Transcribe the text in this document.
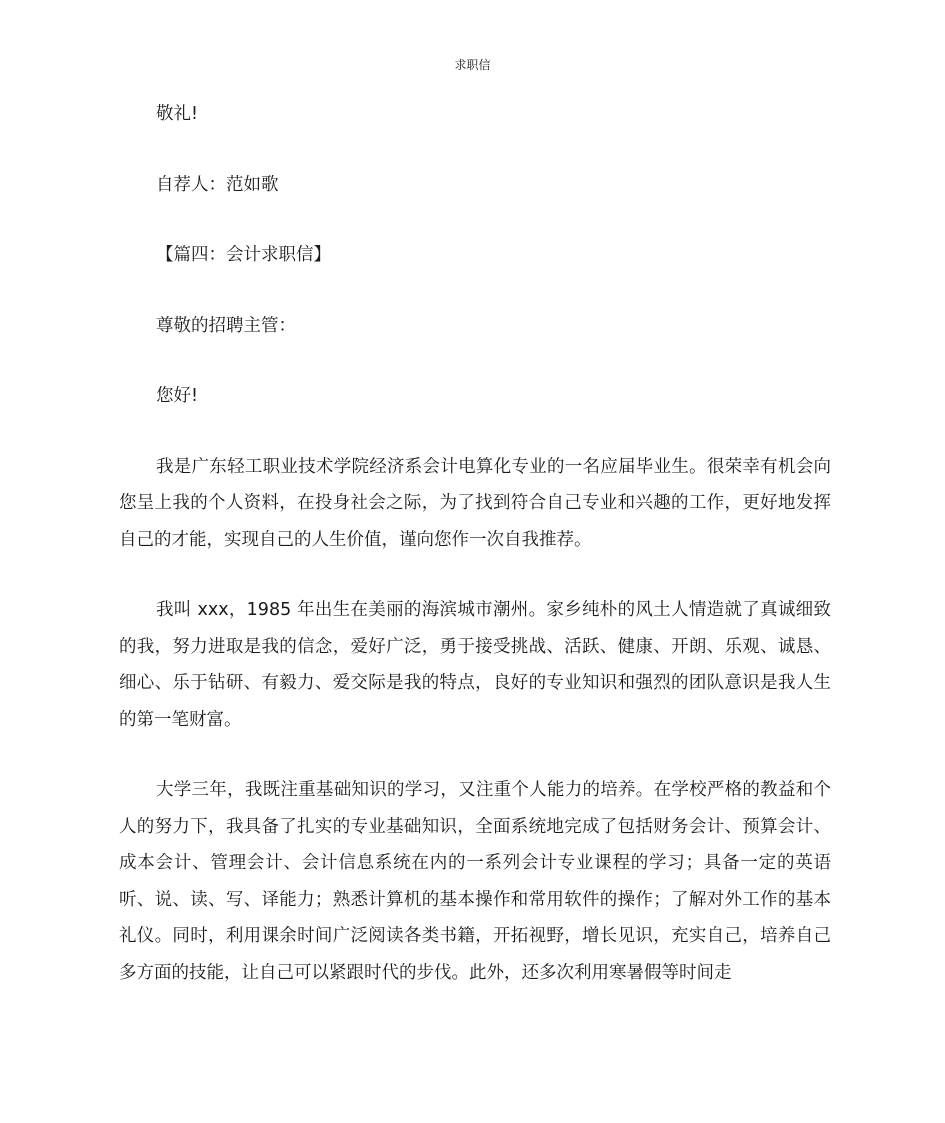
求职信

敬礼!

自荐人：范如歌

【篇四：会计求职信】

尊敬的招聘主管：

您好!

我是广东轻工职业技术学院经济系会计电算化专业的一名应届毕业生。很荣幸有机会向您呈上我的个人资料，在投身社会之际，为了找到符合自己专业和兴趣的工作，更好地发挥自己的才能，实现自己的人生价值，谨向您作一次自我推荐。

我叫 xxx，1985 年出生在美丽的海滨城市潮州。家乡纯朴的风土人情造就了真诚细致的我，努力进取是我的信念，爱好广泛，勇于接受挑战、活跃、健康、开朗、乐观、诚恳、细心、乐于钻研、有毅力、爱交际是我的特点，良好的专业知识和强烈的团队意识是我人生的第一笔财富。

大学三年，我既注重基础知识的学习，又注重个人能力的培养。在学校严格的教益和个人的努力下，我具备了扎实的专业基础知识，全面系统地完成了包括财务会计、预算会计、成本会计、管理会计、会计信息系统在内的一系列会计专业课程的学习；具备一定的英语听、说、读、写、译能力；熟悉计算机的基本操作和常用软件的操作；了解对外工作的基本礼仪。同时，利用课余时间广泛阅读各类书籍，开拓视野，增长见识，充实自己，培养自己多方面的技能，让自己可以紧跟时代的步伐。此外，还多次利用寒暑假等时间走
